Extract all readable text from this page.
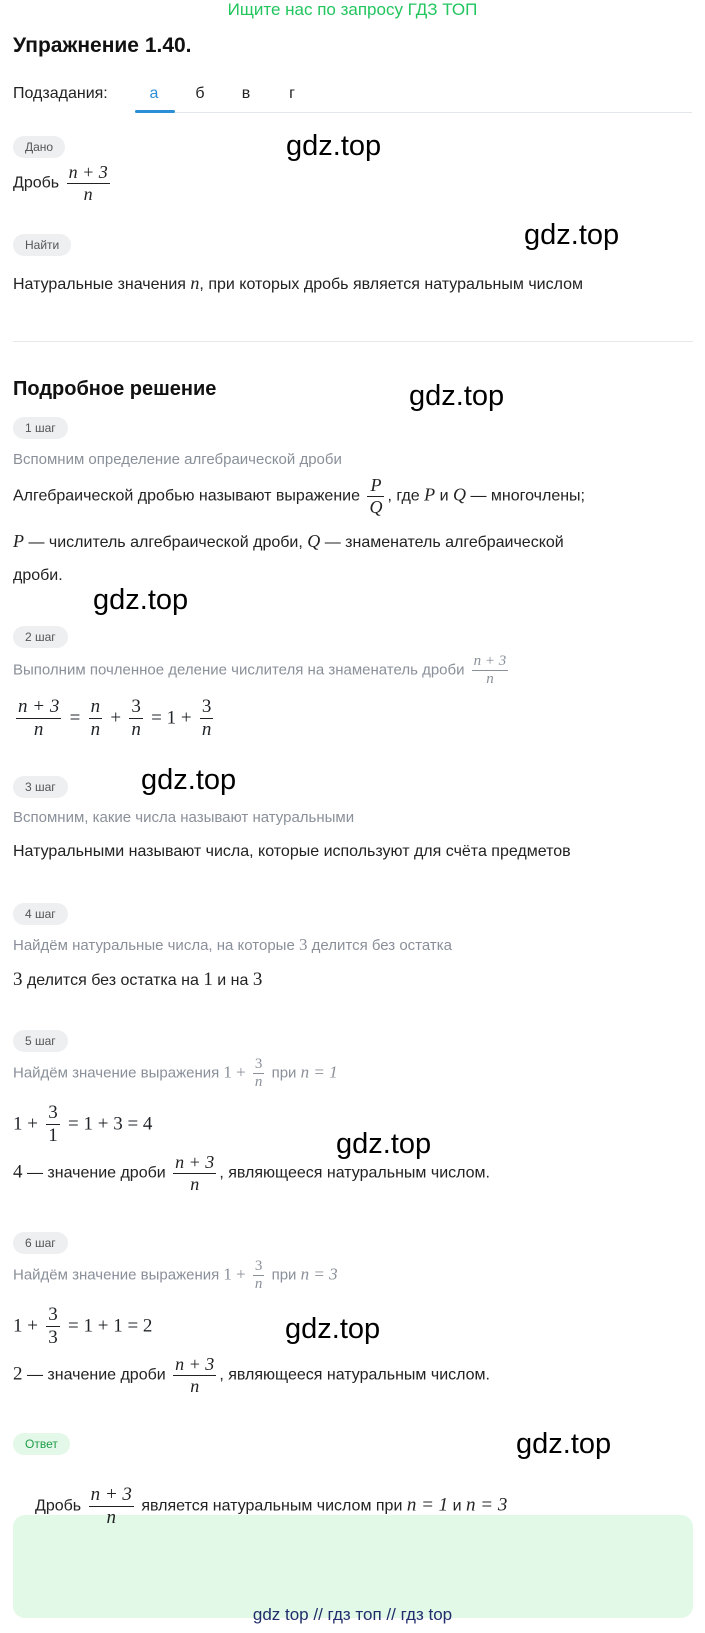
Ищите нас по запросу ГДЗ ТОП
Упражнение 1.40.
Подзадания:	а	б	в	г
Дано
Дробь $\frac{n + 3}{n}$
Найти
Натуральные значения n, при которых дробь является натуральным числом
Подробное решение
1 шаг
Вспомним определение алгебраической дроби
Алгебраической дробью называют выражение $\frac{P}{Q}$ , где P и Q — многочлены;
P — числитель алгебраической дроби, Q — знаменатель алгебраической
дроби.
2 шаг
Выполним почленное деление числителя на знаменатель дроби $\frac{n + 3}{n}$
$\frac{n + 3}{n} = \frac{n}{n} + \frac{3}{n} = 1 + \frac{3}{n}$
3 шаг
Вспомним, какие числа называют натуральными
Натуральными называют числа, которые используют для счёта предметов
4 шаг
Найдём натуральные числа, на которые 3 делится без остатка
3 делится без остатка на 1 и на 3
5 шаг
Найдём значение выражения $1 + \frac{3}{n}$ при n = 1
$1 + \frac{3}{1} = 1 + 3 = 4$
4 — значение дроби $\frac{n + 3}{n}$ , являющееся натуральным числом.
6 шаг
Найдём значение выражения $1 + \frac{3}{n}$ при n = 3
$1 + \frac{3}{3} = 1 + 1 = 2$
2 — значение дроби $\frac{n + 3}{n}$ , являющееся натуральным числом.
Ответ
Дробь $\frac{n + 3}{n}$ является натуральным числом при n = 1 и n = 3
gdz.top
gdz.top
gdz.top
gdz.top
gdz.top
gdz.top
gdz.top
gdz.top
gdz top // гдз топ // гдз top
